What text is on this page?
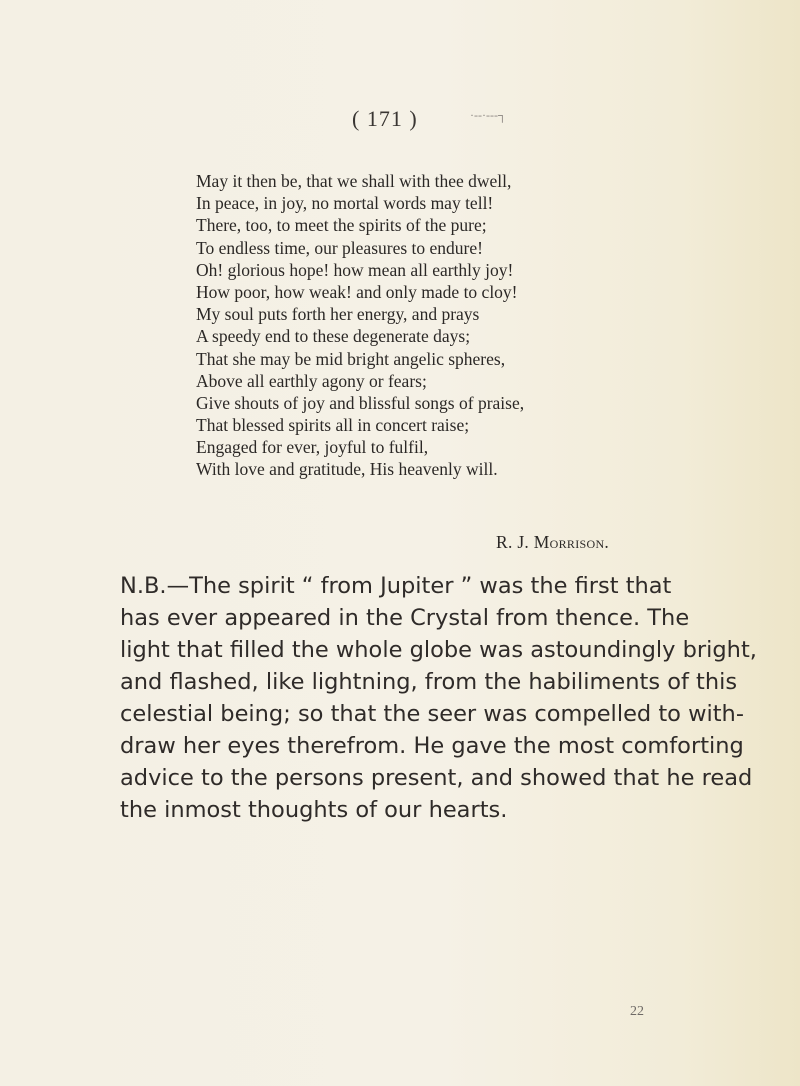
( 171 )	·‑‑·‑‑‑┐
May it then be, that we shall with thee dwell,
In peace, in joy, no mortal words may tell!
There, too, to meet the spirits of the pure;
To endless time, our pleasures to endure!
Oh! glorious hope! how mean all earthly joy!
How poor, how weak! and only made to cloy!
My soul puts forth her energy, and prays
A speedy end to these degenerate days;
That she may be mid bright angelic spheres,
Above all earthly agony or fears;
Give shouts of joy and blissful songs of praise,
That blessed spirits all in concert raise;
Engaged for ever, joyful to fulfil,
With love and gratitude, His heavenly will.
R. J. Morrison.
N.B.—The spirit “ from Jupiter ” was the first that
has ever appeared in the Crystal from thence. The
light that filled the whole globe was astoundingly bright,
and flashed, like lightning, from the habiliments of this
celestial being; so that the seer was compelled to with-
draw her eyes therefrom. He gave the most comforting
advice to the persons present, and showed that he read
the inmost thoughts of our hearts.
22
